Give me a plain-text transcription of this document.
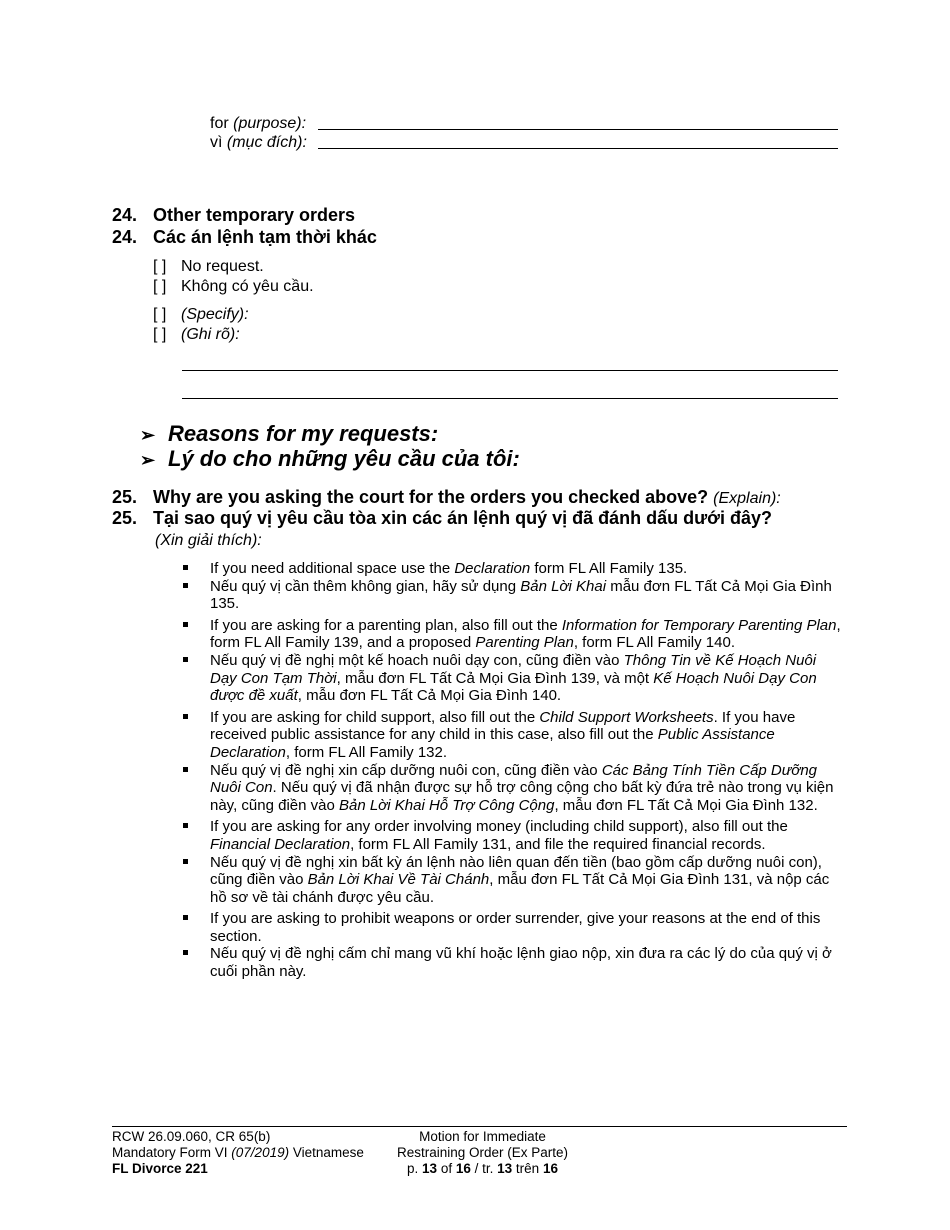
for (purpose):
vì (mục đích):
24. Other temporary orders
24. Các án lệnh tạm thời khác
[ ] No request.
[ ] Không có yêu cầu.
[ ] (Specify):
[ ] (Ghi rõ):
➢ Reasons for my requests:
➢ Lý do cho những yêu cầu của tôi:
25. Why are you asking the court for the orders you checked above? (Explain):
25. Tại sao quý vị yêu cầu tòa xin các án lệnh quý vị đã đánh dấu dưới đây?
(Xin giải thích):

If you need additional space use the Declaration form FL All Family 135.

Nếu quý vị cần thêm không gian, hãy sử dụng Bản Lời Khai mẫu đơn FL Tất Cả Mọi Gia Đình 135.

If you are asking for a parenting plan, also fill out the Information for Temporary Parenting Plan, form FL All Family 139, and a proposed Parenting Plan, form FL All Family 140.

Nếu quý vị đề nghị một kế hoach nuôi dạy con, cũng điền vào Thông Tin về Kế Hoạch Nuôi Dạy Con Tạm Thời, mẫu đơn FL Tất Cả Mọi Gia Đình 139, và một Kế Hoạch Nuôi Dạy Con được đề xuất, mẫu đơn FL Tất Cả Mọi Gia Đình 140.

If you are asking for child support, also fill out the Child Support Worksheets. If you have received public assistance for any child in this case, also fill out the Public Assistance Declaration, form FL All Family 132.

Nếu quý vị đề nghị xin cấp dưỡng nuôi con, cũng điền vào Các Bảng Tính Tiền Cấp Dưỡng Nuôi Con. Nếu quý vị đã nhận được sự hỗ trợ công cộng cho bất kỳ đứa trẻ nào trong vụ kiện này, cũng điền vào Bản Lời Khai Hỗ Trợ Công Cộng, mẫu đơn FL Tất Cả Mọi Gia Đình 132.

If you are asking for any order involving money (including child support), also fill out the Financial Declaration, form FL All Family 131, and file the required financial records.

Nếu quý vị đề nghị xin bất kỳ án lệnh nào liên quan đến tiền (bao gồm cấp dưỡng nuôi con), cũng điền vào Bản Lời Khai Về Tài Chánh, mẫu đơn FL Tất Cả Mọi Gia Đình 131, và nộp các hồ sơ về tài chánh được yêu cầu.

If you are asking to prohibit weapons or order surrender, give your reasons at the end of this section.

Nếu quý vị đề nghị cấm chỉ mang vũ khí hoặc lệnh giao nộp, xin đưa ra các lý do của quý vị ở cuối phần này.

RCW 26.09.060, CR 65(b)
Mandatory Form VI (07/2019) Vietnamese
FL Divorce 221
Motion for Immediate
Restraining Order (Ex Parte)
p. 13 of 16 / tr. 13 trên 16
